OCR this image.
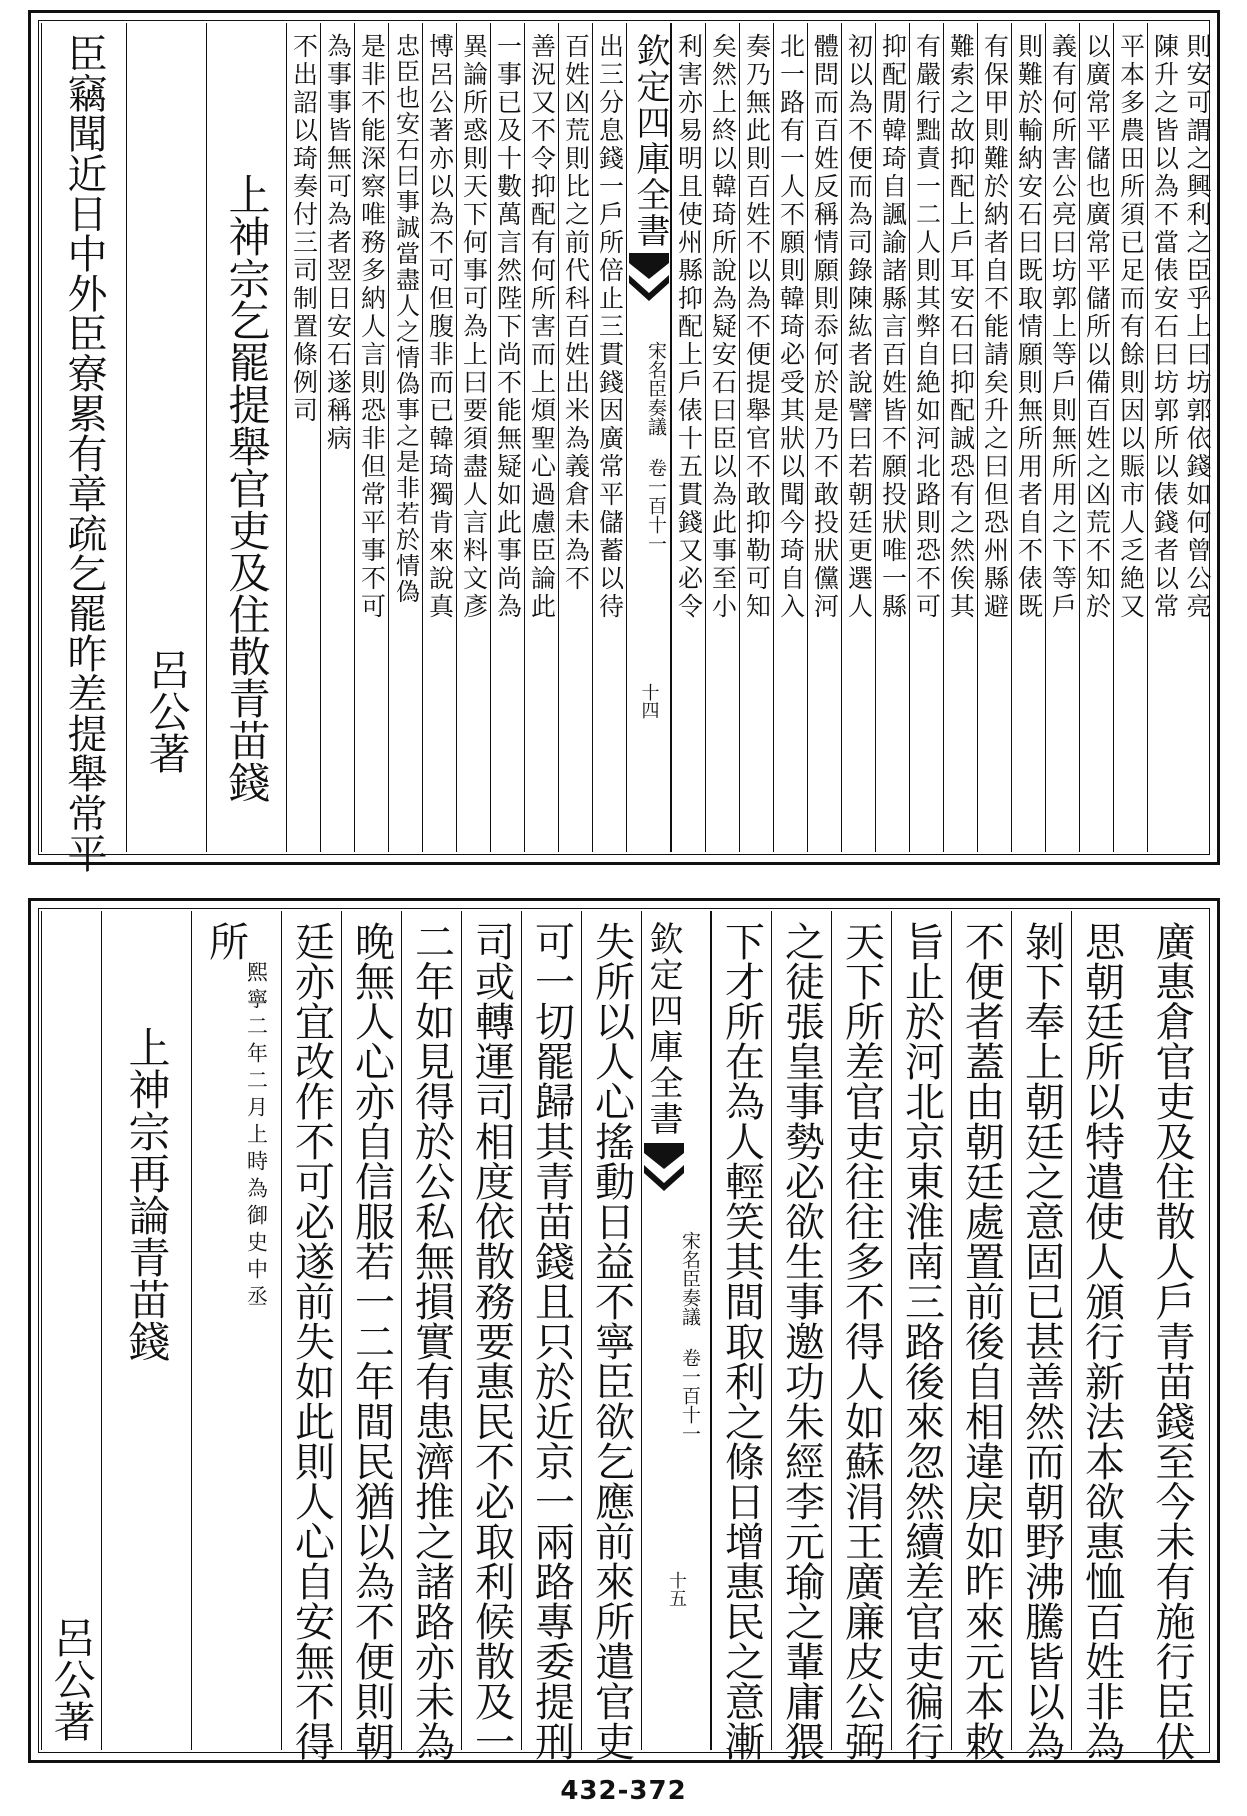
則安可謂之興利之臣乎上曰坊郭依錢如何曾公亮
陳升之皆以為不當俵安石曰坊郭所以俵錢者以常
平本多農田所須已足而有餘則因以賑市人乏絶又
以廣常平儲也廣常平儲所以備百姓之凶荒不知於
義有何所害公亮曰坊郭上等戶則無所用之下等戶
則難於輸納安石曰既取情願則無所用者自不俵既
有保甲則難於納者自不能請矣升之曰但恐州縣避
難索之故抑配上戶耳安石曰抑配誠恐有之然俟其
有嚴行黜責一二人則其弊自絶如河北路則恐不可
抑配閒韓琦自諷諭諸縣言百姓皆不願投狀唯一縣
初以為不便而為司錄陳紘者說譬曰若朝廷更選人
體問而百姓反稱情願則忝何於是乃不敢投狀儻河
北一路有一人不願則韓琦必受其狀以聞今琦自入
奏乃無此則百姓不以為不便提舉官不敢抑勒可知
矣然上終以韓琦所說為疑安石曰臣以為此事至小
利害亦易明且使州縣抑配上戶俵十五貫錢又必令
欽定四庫全書
宋名臣奏議 卷一百十一
十四
出三分息錢一戶所倍止三貫錢因廣常平儲蓄以待
百姓凶荒則比之前代科百姓出米為義倉未為不
善況又不令抑配有何所害而上煩聖心過慮臣論此
一事已及十數萬言然陛下尚不能無疑如此事尚為
異論所惑則天下何事可為上曰要須盡人言料文彥
博呂公著亦以為不可但腹非而已韓琦獨肯來說真
忠臣也安石曰事誠當盡人之情偽事之是非若於情偽
是非不能深察唯務多納人言則恐非但常平事不可
為事事皆無可為者翌日安石遂稱病
不出詔以琦奏付三司制置條例司
上神宗乞罷提舉官吏及住散青苗錢
呂公著
臣竊聞近日中外臣寮累有章疏乞罷昨差提舉常平
廣惠倉官吏及住散人戶青苗錢至今未有施行臣伏
思朝廷所以特遣使人頒行新法本欲惠恤百姓非為
剝下奉上朝廷之意固已甚善然而朝野沸騰皆以為
不便者蓋由朝廷處置前後自相違戾如昨來元本敕
旨止於河北京東淮南三路後來忽然續差官吏徧行
天下所差官吏往往多不得人如蘇涓王廣廉皮公弼
之徒張皇事勢必欲生事邀功朱經李元瑜之輩庸猥
下才所在為人輕笑其間取利之條日增惠民之意漸
欽定四庫全書
宋名臣奏議 卷一百十一
十五
失所以人心搖動日益不寧臣欲乞應前來所遣官吏
可一切罷歸其青苗錢且只於近京一兩路專委提刑
司或轉運司相度依散務要惠民不必取利候散及一
二年如見得於公私無損實有患濟推之諸路亦未為
晚無人心亦自信服若一二年間民猶以為不便則朝
廷亦宜改作不可必遂前失如此則人心自安無不得
所
熙寧二年二月上時為御史中丞
上神宗再論青苗錢
呂公著
432-372
